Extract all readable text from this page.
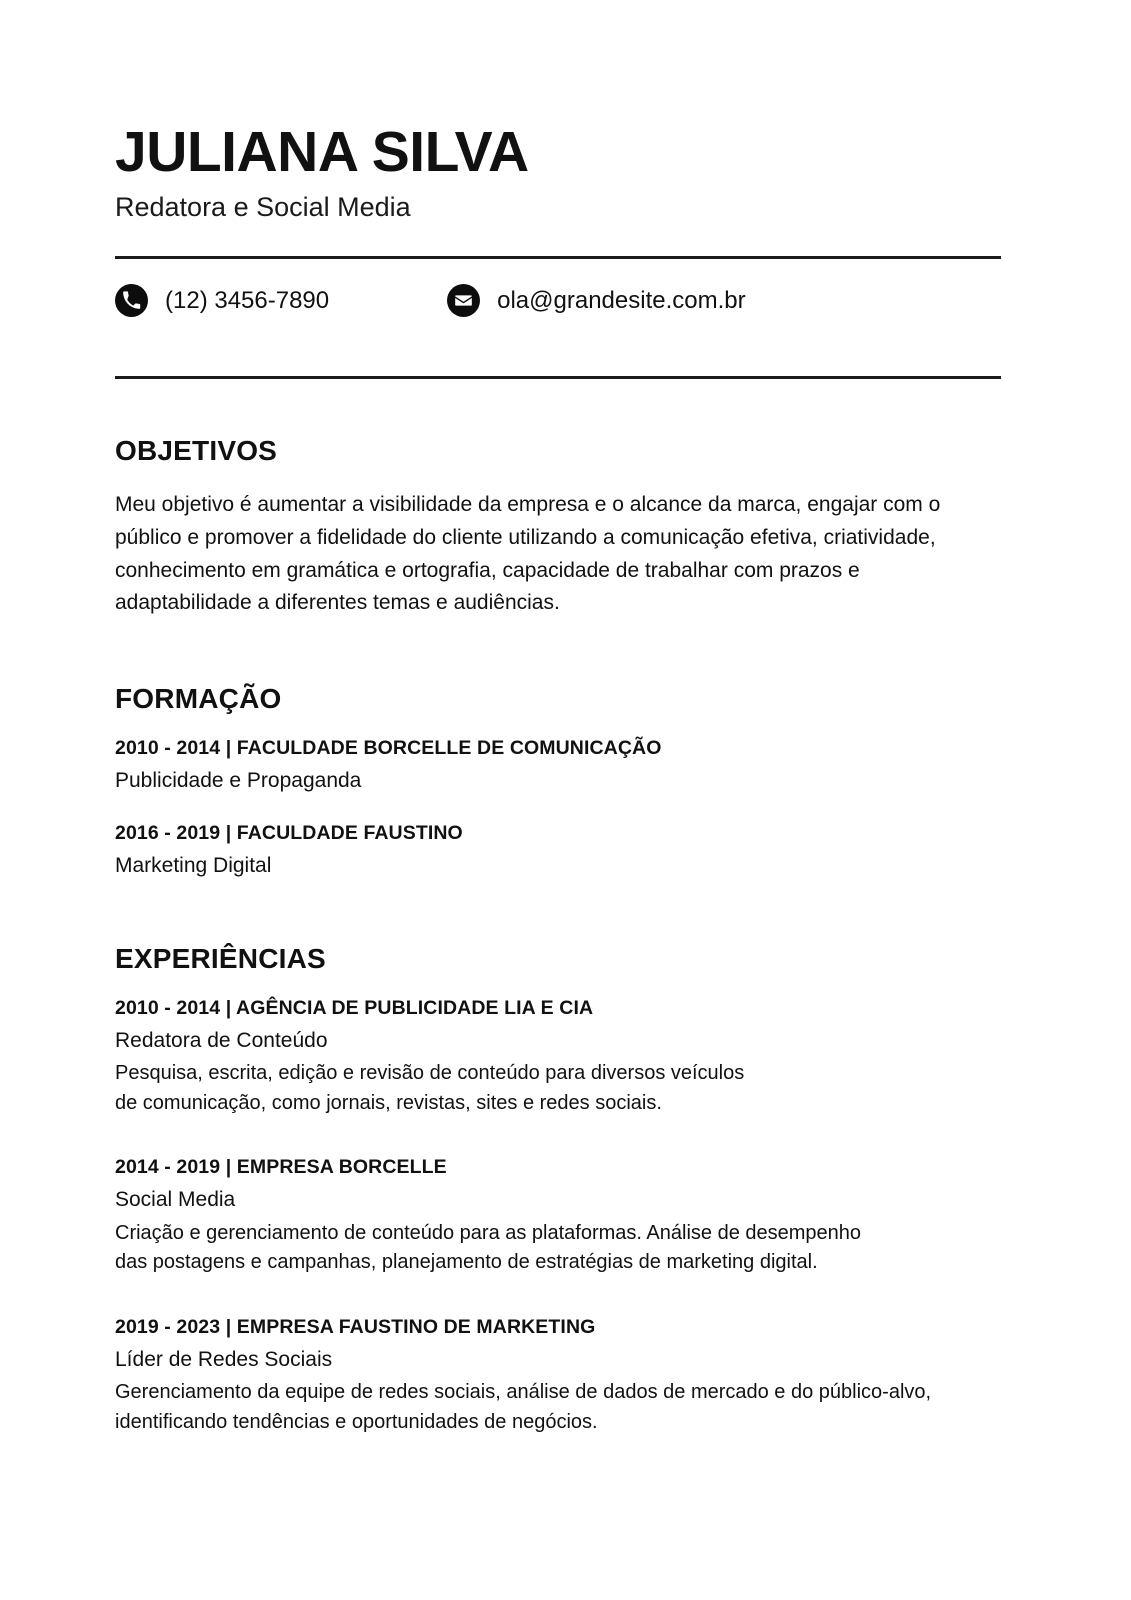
JULIANA SILVA

Redatora e Social Media

(12) 3456-7890	ola@grandesite.com.br
OBJETIVOS

Meu objetivo é aumentar a visibilidade da empresa e o alcance da marca, engajar com o público e promover a fidelidade do cliente utilizando a comunicação efetiva, criatividade, conhecimento em gramática e ortografia, capacidade de trabalhar com prazos e adaptabilidade a diferentes temas e audiências.

FORMAÇÃO

2010 - 2014 | FACULDADE BORCELLE DE COMUNICAÇÃO

Publicidade e Propaganda

2016 - 2019 | FACULDADE FAUSTINO

Marketing Digital

EXPERIÊNCIAS

2010 - 2014 | AGÊNCIA DE PUBLICIDADE LIA E CIA

Redatora de Conteúdo

Pesquisa, escrita, edição e revisão de conteúdo para diversos veículos
de comunicação, como jornais, revistas, sites e redes sociais.

2014 - 2019 | EMPRESA BORCELLE

Social Media

Criação e gerenciamento de conteúdo para as plataformas. Análise de desempenho
das postagens e campanhas, planejamento de estratégias de marketing digital.

2019 - 2023 | EMPRESA FAUSTINO DE MARKETING

Líder de Redes Sociais

Gerenciamento da equipe de redes sociais, análise de dados de mercado e do público-alvo,
identificando tendências e oportunidades de negócios.
